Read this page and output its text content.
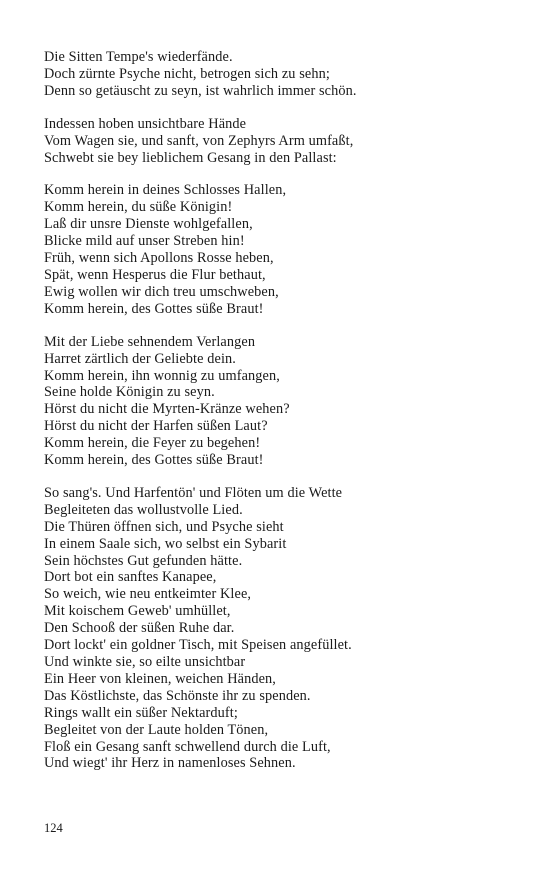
Die Sitten Tempe's wiederfände.
Doch zürnte Psyche nicht, betrogen sich zu sehn;
Denn so getäuscht zu seyn, ist wahrlich immer schön.
Indessen hoben unsichtbare Hände
Vom Wagen sie, und sanft, von Zephyrs Arm umfaßt,
Schwebt sie bey lieblichem Gesang in den Pallast:
Komm herein in deines Schlosses Hallen,
Komm herein, du süße Königin!
Laß dir unsre Dienste wohlgefallen,
Blicke mild auf unser Streben hin!
Früh, wenn sich Apollons Rosse heben,
Spät, wenn Hesperus die Flur bethaut,
Ewig wollen wir dich treu umschweben,
Komm herein, des Gottes süße Braut!
Mit der Liebe sehnendem Verlangen
Harret zärtlich der Geliebte dein.
Komm herein, ihn wonnig zu umfangen,
Seine holde Königin zu seyn.
Hörst du nicht die Myrten-Kränze wehen?
Hörst du nicht der Harfen süßen Laut?
Komm herein, die Feyer zu begehen!
Komm herein, des Gottes süße Braut!
So sang's. Und Harfentön' und Flöten um die Wette
Begleiteten das wollustvolle Lied.
Die Thüren öffnen sich, und Psyche sieht
In einem Saale sich, wo selbst ein Sybarit
Sein höchstes Gut gefunden hätte.
Dort bot ein sanftes Kanapee,
So weich, wie neu entkeimter Klee,
Mit koischem Geweb' umhüllet,
Den Schooß der süßen Ruhe dar.
Dort lockt' ein goldner Tisch, mit Speisen angefüllet.
Und winkte sie, so eilte unsichtbar
Ein Heer von kleinen, weichen Händen,
Das Köstlichste, das Schönste ihr zu spenden.
Rings wallt ein süßer Nektarduft;
Begleitet von der Laute holden Tönen,
Floß ein Gesang sanft schwellend durch die Luft,
Und wiegt' ihr Herz in namenloses Sehnen.
124
